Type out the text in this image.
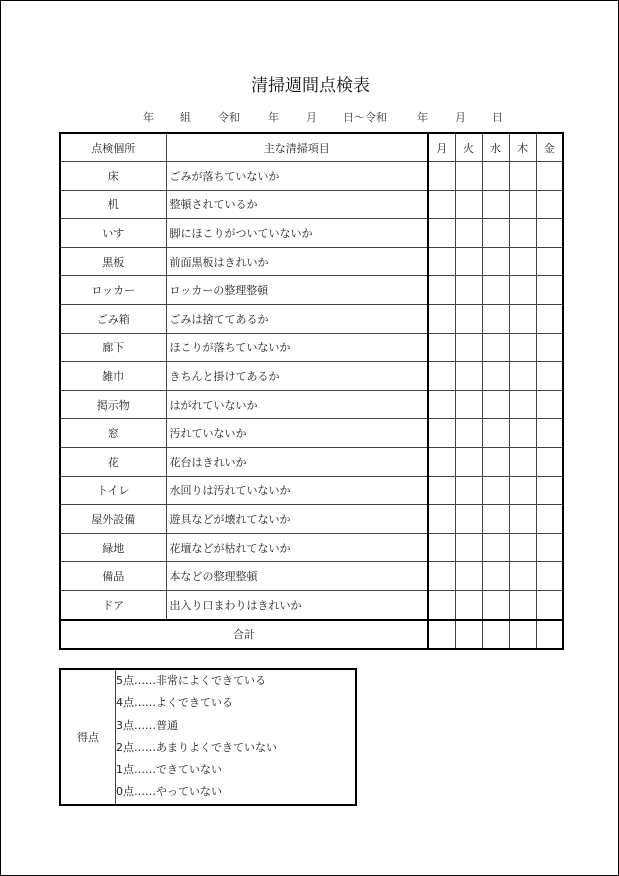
清掃週間点検表
年 組 令和	年 月 日～令和	年 月 日
点検個所	主な清掃項目	月	火	水	木	金
床	ごみが落ちていないか					
机	整頓されているか					
いす	脚にほこりがついていないか					
黒板	前面黒板はきれいか					
ロッカー	ロッカーの整理整頓					
ごみ箱	ごみは捨ててあるか					
廊下	ほこりが落ちていないか					
雑巾	きちんと掛けてあるか					
掲示物	はがれていないか					
窓	汚れていないか					
花	花台はきれいか					
トイレ	水回りは汚れていないか					
屋外設備	遊具などが壊れてないか					
緑地	花壇などが枯れてないか					
備品	本などの整理整頓					
ドア	出入り口まわりはきれいか					
合計						
得点
5点……非常によくできている
4点……よくできている
3点……普通
2点……あまりよくできていない
1点……できていない
0点……やっていない
